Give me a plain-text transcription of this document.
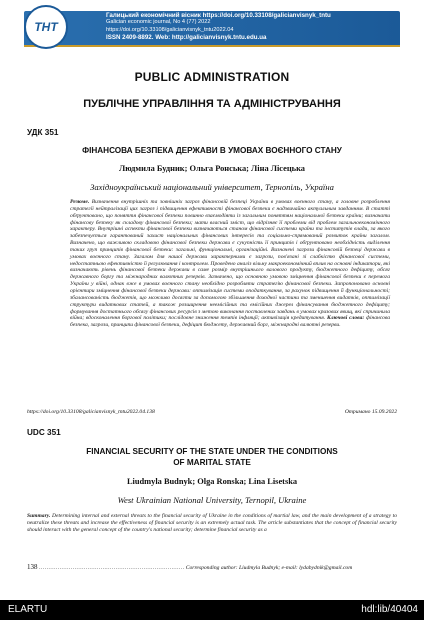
ТНТ
Галицький економічний вісник https://doi.org/10.33108/galicianvisnyk_tntu
Galician economic journal, No 4 (77) 2022
https://doi.org/10.33108/galicianvisnyk_tntu2022.04
ISSN 2409-8892. Web: http://galicianvisnyk.tntu.edu.ua
PUBLIC ADMINISTRATION
ПУБЛІЧНЕ УПРАВЛІННЯ ТА АДМІНІСТРУВАННЯ
УДК 351
ФІНАНСОВА БЕЗПЕКА ДЕРЖАВИ В УМОВАХ ВОЄННОГО СТАНУ
Людмила Будник; Ольга Ронська; Ліна Лісецька
Західноукраїнський національний університет, Тернопіль, Україна
Резюме. Визначення внутрішніх та зовнішніх загроз фінансовій безпеці України в умовах воєнного стану, а головне розроблення стратегії нейтралізації цих загроз і підвищення ефективності фінансової безпеки є надзвичайно актуальним завданням. В статті обґрунтовано, що поняття фінансової безпеки повинно взаємодіяти із загальним поняттям національної безпеки країни; визначати фінансову безпеку як складову фінансової безпеки; мати власний зміст, що відрізняє її проблеми від проблем загальноекономічного характеру. Внутрішні аспекти фінансової безпеки визначаються станом фінансової системи країни та інститутів влади, за якого забезпечується гарантований захист національних фінансових інтересів та соціально-спрямований розвиток країни загалом. Визначено, що важливою складовою фінансової безпеки держави є сукупність її принципів і обґрунтовано необхідність виділення таких груп принципів фінансової безпеки: загальні, функціональні, організаційні. Визначені загрози фінансовій безпеці держави в умовах воєнного стану. Загалом для нашої держави характерними є загрози, пов'язані зі слабкістю фінансової системи, недостатньою ефективністю її регулювання і контролем. Проведено аналіз вільну макроекономічний вплив на основні індикатори, які визначають рівень фінансової безпеки держави в саме розмір внутрішнього валового продукту, бюджетного дефіциту, обсяг державного боргу та міжнародних валютних резервів. Зазначено, що основною умовою зміцнення фінансової безпеки є перемога України у війні, однак вже в умовах воєнного стану необхідно розробляти стратегію фінансової безпеки. Запропоновано основні орієнтири зміцнення фінансової безпеки держави: оптимізація системи оподаткування, за рахунок підвищення її функціональності; збалансованість бюджетів, що можливо досягти за допомогою збільшення доходної частини та зменшення видатків, оптимізації структури видаткових статей, а також розширення неемісійних та емісійних джерел фінансування бюджетного дефіциту; формування достатнього обсягу фінансових ресурсів з метою виконання поставлених завдань в умовах кризових явищ, які спричинила війна; вдосконалення боргової політики; послідовне зниження темпів інфляції; активізація кредитування. Ключові слова: фінансова безпека, загрози, принципи фінансової безпеки, дефіцит бюджету, державний борг, міжнародні валютні резерви.
https://doi.org/10.33108/galicianvisnyk_tntu2022.04.138	Отримано 15.09.2022
UDC 351
FINANCIAL SECURITY OF THE STATE UNDER THE CONDITIONS
OF MARITAL STATE
Liudmyla Budnyk; Olga Ronska; Lina Lisetska
West Ukrainian National University, Ternopil, Ukraine
Summary. Determining internal and external threats to the financial security of Ukraine in the conditions of martial law, and the main development of a strategy to neutralize these threats and increase the effectiveness of financial security is an extremely actual task. The article substantiates that the concept of financial security should interact with the general concept of the country's national security; determine financial security as a
138 …………………………………………………………………… Corresponding author: Liudmyla Budnyk; e-mail: lydabydnik@gmail.com
ELARTU	hdl:lib/40404
